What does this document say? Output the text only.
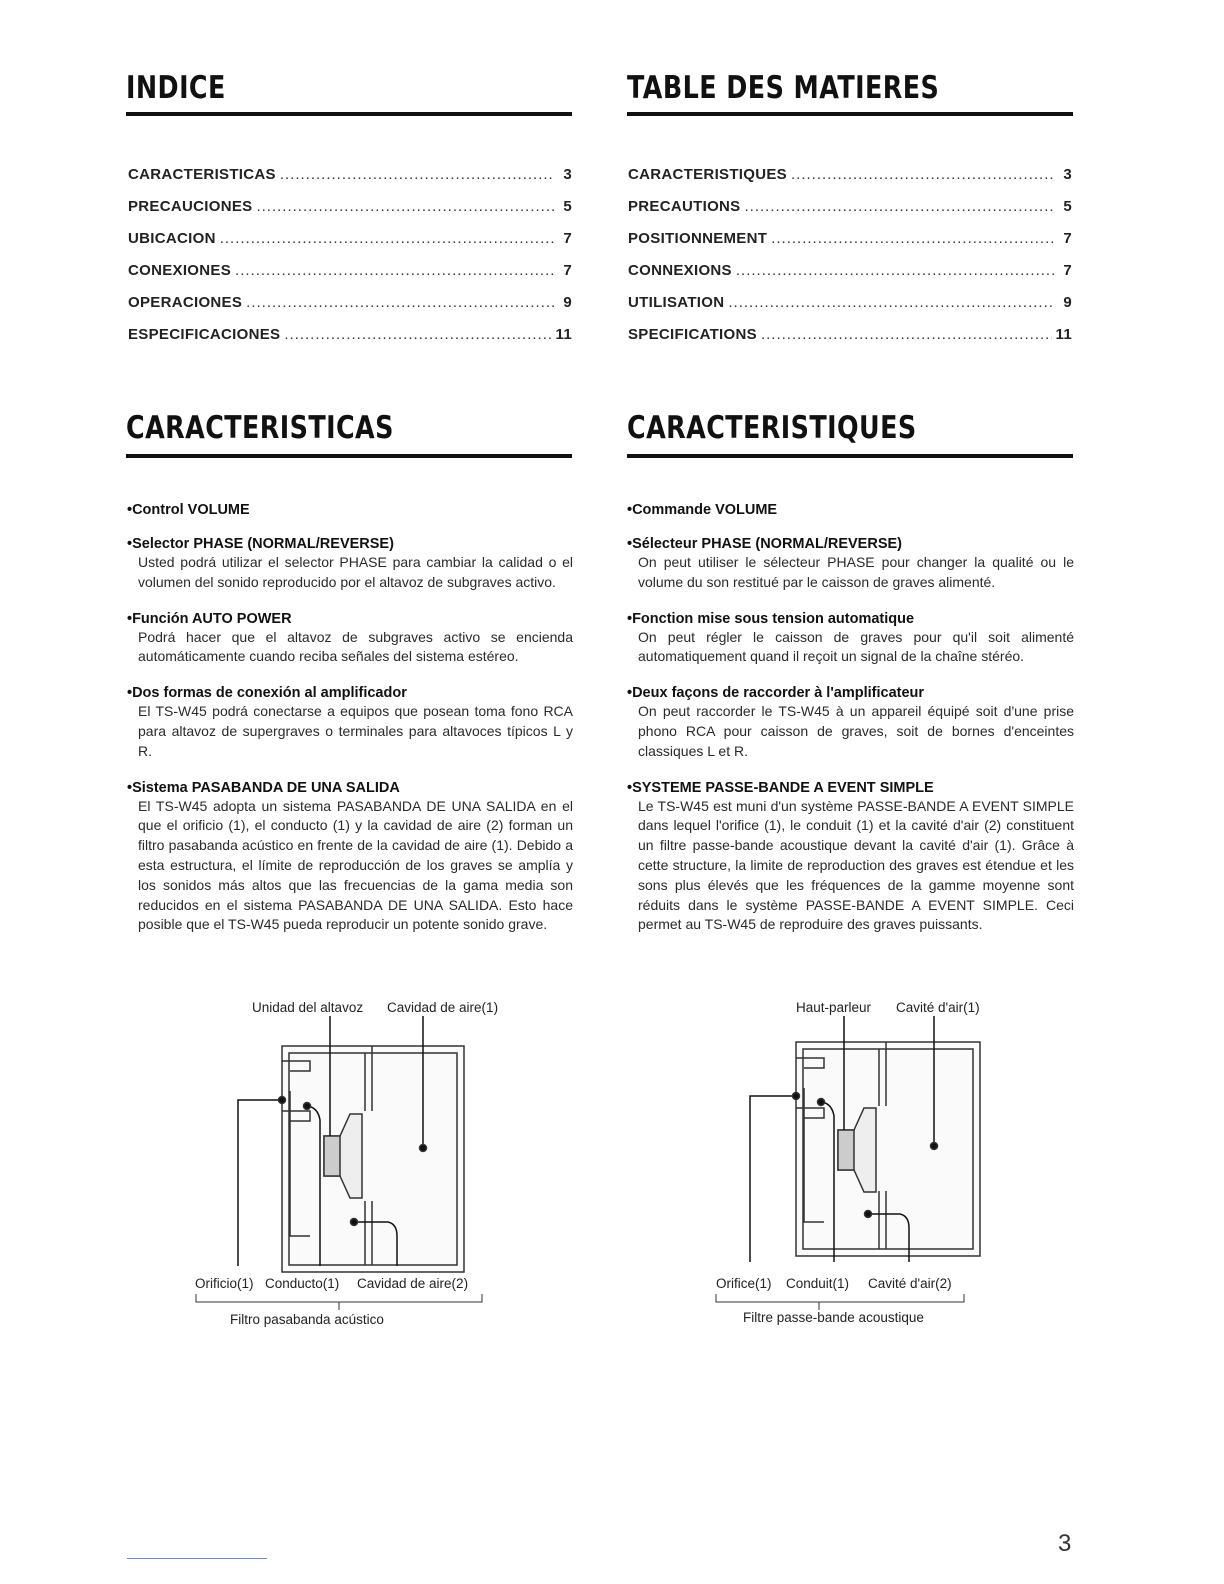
INDICE
CARACTERISTICAS .....	3
PRECAUCIONES .....	5
UBICACION .....	7
CONEXIONES .....	7
OPERACIONES .....	9
ESPECIFICACIONES .....	11
CARACTERISTICAS

• Control VOLUME

• Selector PHASE (NORMAL/REVERSE)

Usted podrá utilizar el selector PHASE para cambiar la calidad o el volumen del sonido reproducido por el altavoz de subgraves activo.

• Función AUTO POWER

Podrá hacer que el altavoz de subgraves activo se encienda automáticamente cuando reciba señales del sistema estéreo.

• Dos formas de conexión al amplificador

El TS-W45 podrá conectarse a equipos que posean toma fono RCA para altavoz de supergraves o terminales para altavoces típicos L y R.

• Sistema PASABANDA DE UNA SALIDA

El TS-W45 adopta un sistema PASABANDA DE UNA SALIDA en el que el orificio (1), el conducto (1) y la cavidad de aire (2) forman un filtro pasabanda acústico en frente de la cavidad de aire (1). Debido a esta estructura, el límite de reproducción de los graves se amplía y los sonidos más altos que las frecuencias de la gama media son reducidos en el sistema PASABANDA DE UNA SALIDA. Esto hace posible que el TS-W45 pueda reproducir un potente sonido grave.

Unidad del altavoz Cavidad de aire(1)
Orificio(1) Conducto(1) Cavidad de aire(2)
Filtro pasabanda acústico
TABLE DES MATIERES
CARACTERISTIQUES .....	3
PRECAUTIONS .....	5
POSITIONNEMENT .....	7
CONNEXIONS .....	7
UTILISATION .....	9
SPECIFICATIONS .....	11
CARACTERISTIQUES

• Commande VOLUME

• Sélecteur PHASE (NORMAL/REVERSE)

On peut utiliser le sélecteur PHASE pour changer la qualité ou le volume du son restitué par le caisson de graves alimenté.

• Fonction mise sous tension automatique

On peut régler le caisson de graves pour qu'il soit alimenté automatiquement quand il reçoit un signal de la chaîne stéréo.

• Deux façons de raccorder à l'amplificateur

On peut raccorder le TS-W45 à un appareil équipé soit d'une prise phono RCA pour caisson de graves, soit de bornes d'enceintes classiques L et R.

• SYSTEME PASSE-BANDE A EVENT SIMPLE

Le TS-W45 est muni d'un système PASSE-BANDE A EVENT SIMPLE dans lequel l'orifice (1), le conduit (1) et la cavité d'air (2) constituent un filtre passe-bande acoustique devant la cavité d'air (1). Grâce à cette structure, la limite de reproduction des graves est étendue et les sons plus élevés que les fréquences de la gamme moyenne sont réduits dans le système PASSE-BANDE A EVENT SIMPLE. Ceci permet au TS-W45 de reproduire des graves puissants.

Haut-parleur Cavité d'air(1)
Orifice(1) Conduit(1) Cavité d'air(2)
Filtre passe-bande acoustique
3
